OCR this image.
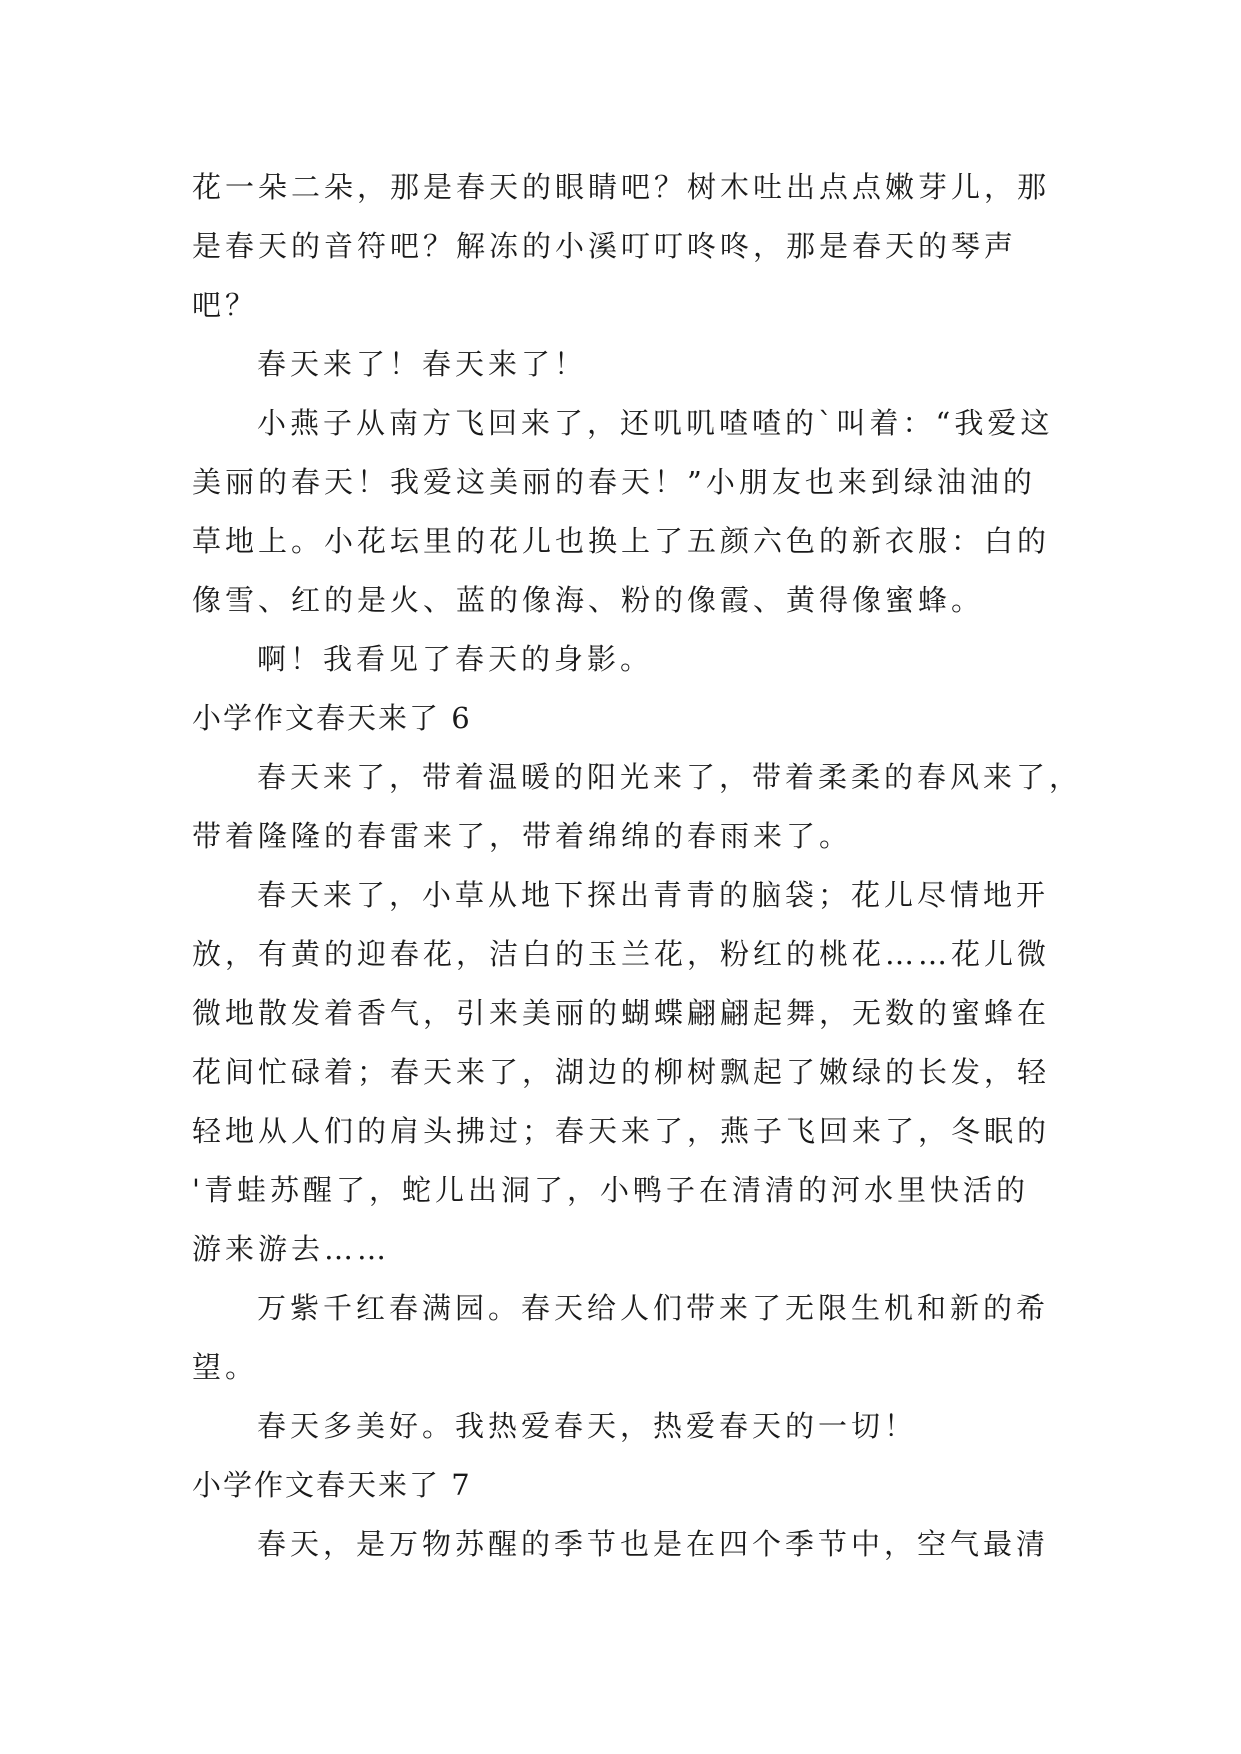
花一朵二朵，那是春天的眼睛吧？树木吐出点点嫩芽儿，那
是春天的音符吧？解冻的小溪叮叮咚咚，那是春天的琴声
吧？
春天来了！春天来了！
小燕子从南方飞回来了，还叽叽喳喳的`叫着：“我爱这
美丽的春天！我爱这美丽的春天！”小朋友也来到绿油油的
草地上。小花坛里的花儿也换上了五颜六色的新衣服：白的
像雪、红的是火、蓝的像海、粉的像霞、黄得像蜜蜂。
啊！我看见了春天的身影。
小学作文春天来了 6
春天来了，带着温暖的阳光来了，带着柔柔的春风来了，
带着隆隆的春雷来了，带着绵绵的春雨来了。
春天来了，小草从地下探出青青的脑袋；花儿尽情地开
放，有黄的迎春花，洁白的玉兰花，粉红的桃花……花儿微
微地散发着香气，引来美丽的蝴蝶翩翩起舞，无数的蜜蜂在
花间忙碌着；春天来了，湖边的柳树飘起了嫩绿的长发，轻
轻地从人们的肩头拂过；春天来了，燕子飞回来了，冬眠的
'青蛙苏醒了，蛇儿出洞了，小鸭子在清清的河水里快活的
游来游去……
万紫千红春满园。春天给人们带来了无限生机和新的希
望。
春天多美好。我热爱春天，热爱春天的一切！
小学作文春天来了 7
春天，是万物苏醒的季节也是在四个季节中，空气最清
